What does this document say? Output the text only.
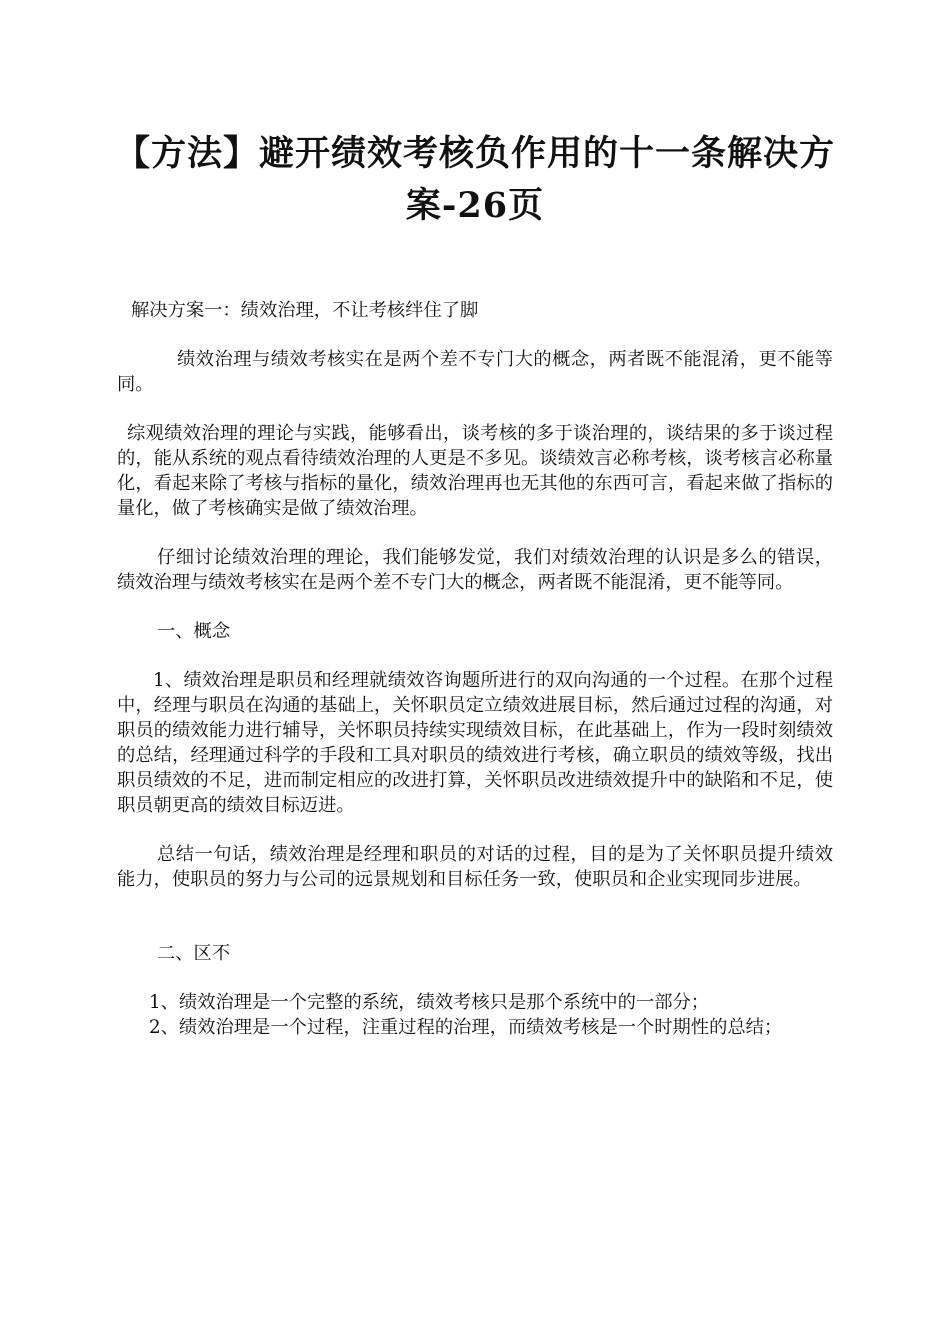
【方法】避开绩效考核负作用的十一条解决方案-26页

解决方案一：绩效治理，不让考核绊住了脚

绩效治理与绩效考核实在是两个差不专门大的概念，两者既不能混淆，更不能等同。

综观绩效治理的理论与实践，能够看出，谈考核的多于谈治理的，谈结果的多于谈过程的，能从系统的观点看待绩效治理的人更是不多见。谈绩效言必称考核，谈考核言必称量化，看起来除了考核与指标的量化，绩效治理再也无其他的东西可言，看起来做了指标的量化，做了考核确实是做了绩效治理。

仔细讨论绩效治理的理论，我们能够发觉，我们对绩效治理的认识是多么的错误，绩效治理与绩效考核实在是两个差不专门大的概念，两者既不能混淆，更不能等同。

一、概念

1、绩效治理是职员和经理就绩效咨询题所进行的双向沟通的一个过程。在那个过程中，经理与职员在沟通的基础上，关怀职员定立绩效进展目标，然后通过过程的沟通，对职员的绩效能力进行辅导，关怀职员持续实现绩效目标，在此基础上，作为一段时刻绩效的总结，经理通过科学的手段和工具对职员的绩效进行考核，确立职员的绩效等级，找出职员绩效的不足，进而制定相应的改进打算，关怀职员改进绩效提升中的缺陷和不足，使职员朝更高的绩效目标迈进。

总结一句话，绩效治理是经理和职员的对话的过程，目的是为了关怀职员提升绩效能力，使职员的努力与公司的远景规划和目标任务一致，使职员和企业实现同步进展。

二、区不

1、绩效治理是一个完整的系统，绩效考核只是那个系统中的一部分；

2、绩效治理是一个过程，注重过程的治理，而绩效考核是一个时期性的总结；
